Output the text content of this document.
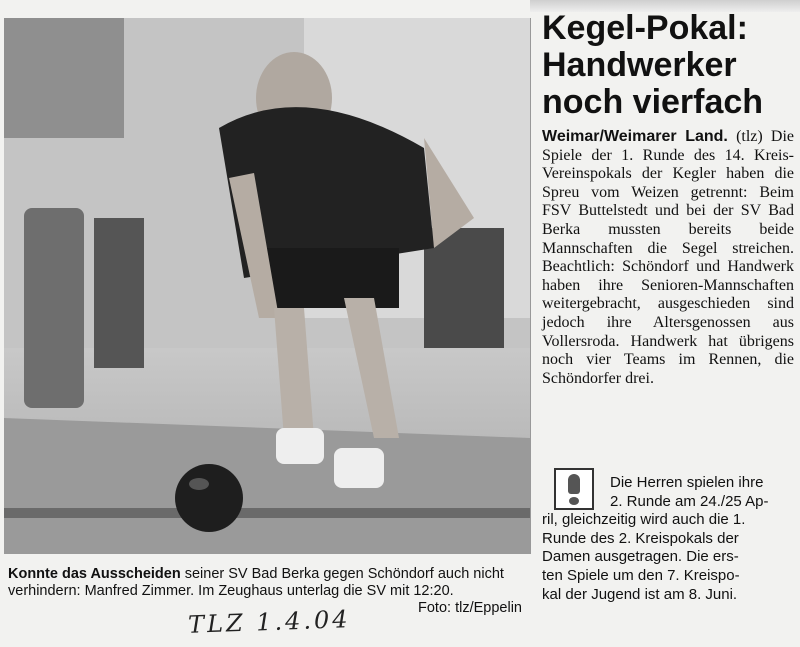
Konnte das Ausscheiden seiner SV Bad Berka gegen Schöndorf auch nicht verhindern: Manfred Zimmer. Im Zeughaus unterlag die SV mit 12:20.
Foto: tlz/Eppelin
TLZ 1.4.04
Kegel-Pokal:
Handwerker
noch vierfach
Weimar/Weimarer Land. (tlz) Die Spiele der 1. Runde des 14. Kreis-Vereinspokals der Kegler haben die Spreu vom Weizen getrennt: Beim FSV Buttelstedt und bei der SV Bad Berka mussten bereits beide Mannschaften die Segel streichen. Beachtlich: Schöndorf und Handwerk haben ihre Senioren-Mannschaften weitergebracht, ausgeschieden sind jedoch ihre Altersgenossen aus Vollersroda. Handwerk hat übrigens noch vier Teams im Rennen, die Schöndorfer drei.
Die Herren spielen ihre
2. Runde am 24./25 Ap-
ril, gleichzeitig wird auch die 1.
Runde des 2. Kreispokals der
Damen ausgetragen. Die ers-
ten Spiele um den 7. Kreispo-
kal der Jugend ist am 8. Juni.
